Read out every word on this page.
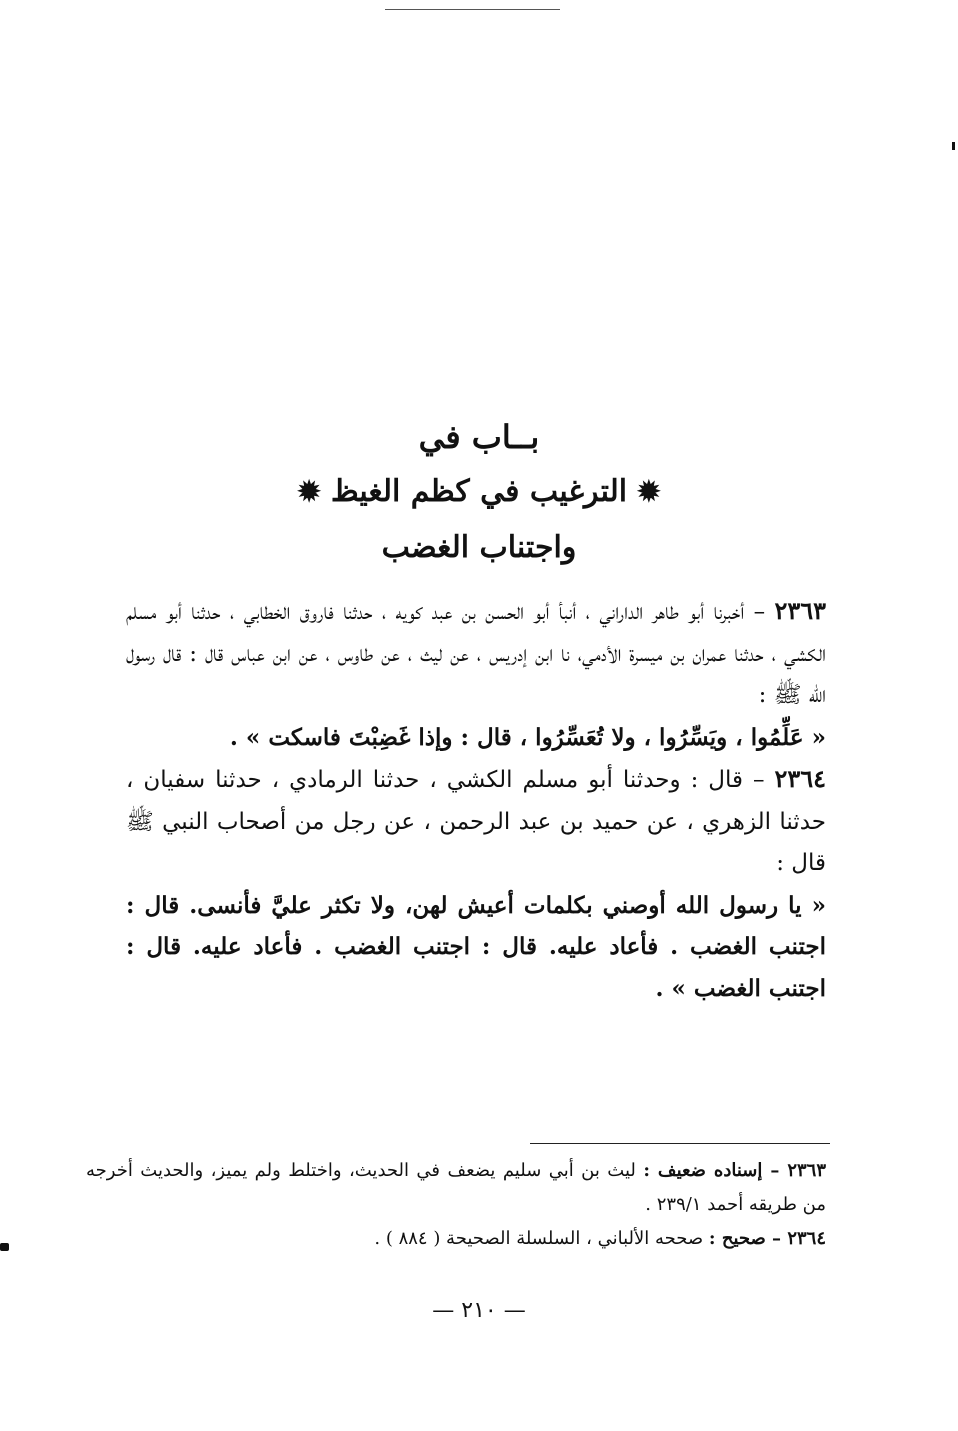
بــاب في
✹الترغيب في كظم الغيظ✹
واجتناب الغضب

٢٣٦٣ – أخبرنا أبو طاهر الداراني ، أنبأ أبو الحسن بن عبد كويه ، حدثنا فاروق الخطابي ، حدثنا أبو مسلم الكشي ، حدثنا عمران بن ميسرة الأدمي، نا ابن إدريس ، عن ليث ، عن طاوس ، عن ابن عباس قال : قال رسول الله ﷺ :

« عَلِّمُوا ، ويَسِّرُوا ، ولا تُعَسِّرُوا ، قال : وإذا غَضِبْتَ فاسكت » .

٢٣٦٤ – قال : وحدثنا أبو مسلم الكشي ، حدثنا الرمادي ، حدثنا سفيان ، حدثنا الزهري ، عن حميد بن عبد الرحمن ، عن رجل من أصحاب النبي ﷺ قال :

« يا رسول الله أوصني بكلمات أعيش لهن، ولا تكثر عليَّ فأنسى. قال : اجتنب الغضب . فأعاد عليه. قال : اجتنب الغضب . فأعاد عليه. قال : اجتنب الغضب » .

٢٣٦٣ – إسناده ضعيف : ليث بن أبي سليم يضعف في الحديث، واختلط ولم يميز، والحديث أخرجه من طريقه أحمد ٢٣٩/١ .

٢٣٦٤ – صحيح : صححه الألباني ، السلسلة الصحيحة ( ٨٨٤ ) .

— ٢١٠ —
